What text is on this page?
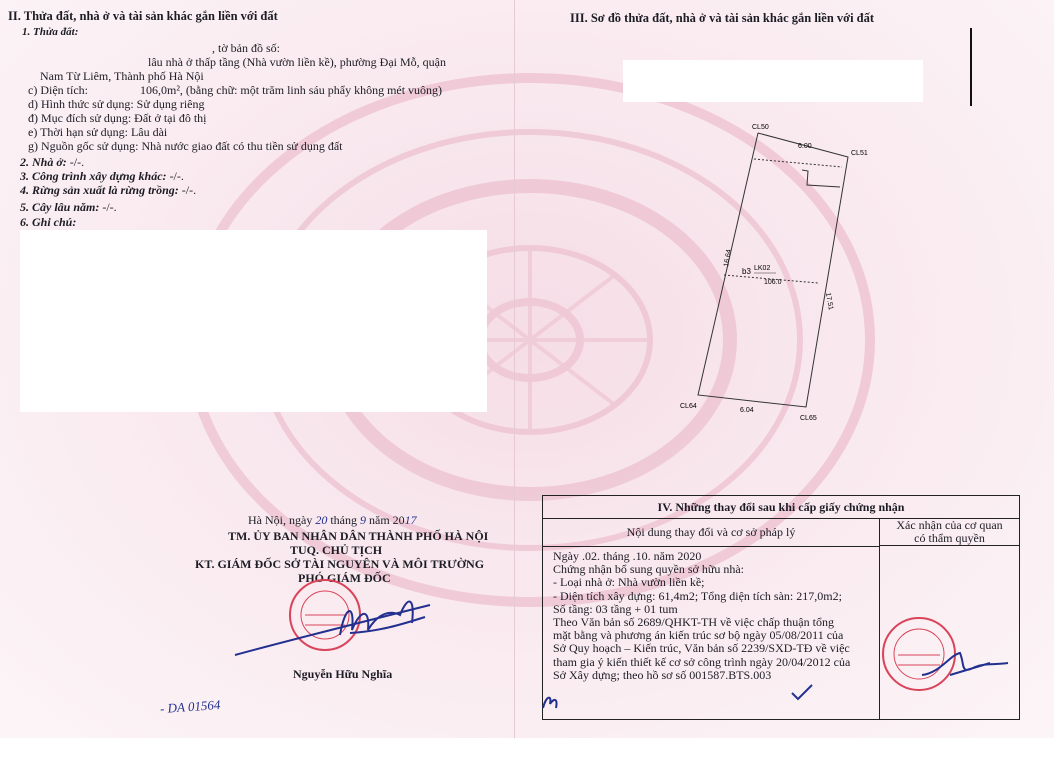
II. Thửa đất, nhà ở và tài sản khác gắn liền với đất
1. Thửa đất:
, tờ bản đồ số:
lâu nhà ở thấp tầng (Nhà vườn liền kề), phường Đại Mỗ, quận
Nam Từ Liêm, Thành phố Hà Nội
c) Diện tích:	106,0m², (bằng chữ: một trăm linh sáu phẩy không mét vuông)
d) Hình thức sử dụng: Sử dụng riêng
đ) Mục đích sử dụng: Đất ở tại đô thị
e) Thời hạn sử dụng: Lâu dài
g) Nguồn gốc sử dụng: Nhà nước giao đất có thu tiền sử dụng đất
2. Nhà ở: -/-.
3. Công trình xây dựng khác: -/-.
4. Rừng sản xuất là rừng trồng: -/-.
5. Cây lâu năm: -/-.
6. Ghi chú:
III. Sơ đồ thửa đất, nhà ở và tài sản khác gắn liền với đất
CL50
CL51
CL64
CL65
6.00
6.04
16.64
17.51
b3 LK02
106.0
Hà Nội, ngày 20 tháng 9 năm 2017
TM. ỦY BAN NHÂN DÂN THÀNH PHỐ HÀ NỘI
TUQ. CHỦ TỊCH
KT. GIÁM ĐỐC SỞ TÀI NGUYÊN VÀ MÔI TRƯỜNG
PHÓ GIÁM ĐỐC
Nguyễn Hữu Nghĩa
- DA 01564
IV. Những thay đổi sau khi cấp giấy chứng nhận
Nội dung thay đổi và cơ sở pháp lý	Xác nhận của cơ quan
có thẩm quyền
Ngày .02. tháng .10. năm 2020
Chứng nhận bổ sung quyền sở hữu nhà:
- Loại nhà ở: Nhà vườn liền kề;
- Diện tích xây dựng: 61,4m2; Tổng diện tích sàn: 217,0m2;
Số tầng: 03 tầng + 01 tum
Theo Văn bản số 2689/QHKT-TH về việc chấp thuận tổng
mặt bằng và phương án kiến trúc sơ bộ ngày 05/08/2011 của
Sở Quy hoạch – Kiến trúc, Văn bản số 2239/SXD-TĐ về việc
tham gia ý kiến thiết kế cơ sở công trình ngày 20/04/2012 của
Sở Xây dựng; theo hồ sơ số 001587.BTS.003
